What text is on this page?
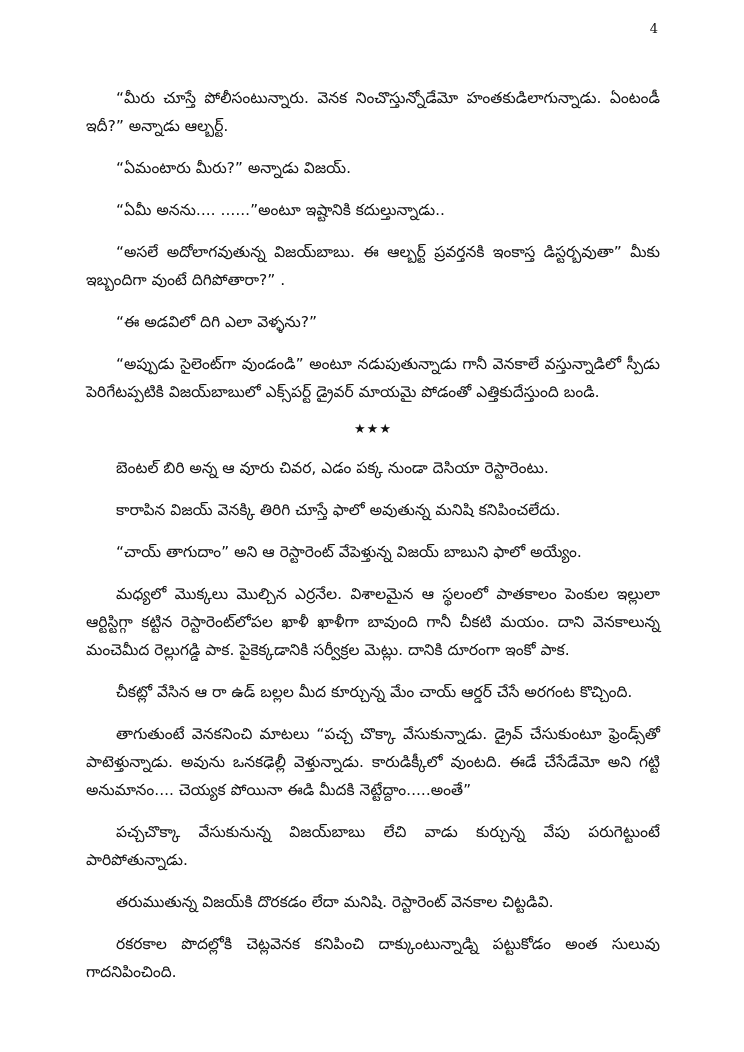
4

“మీరు చూస్తే పోలీసంటున్నారు. వెనక నించొస్తున్నోడేమో హంతకుడిలాగున్నాడు. ఏంటండీ ఇదీ?” అన్నాడు ఆల్బర్ట్.

“ఏమంటారు మీరు?” అన్నాడు విజయ్.

“ఏమీ అనను.... ......”అంటూ ఇష్టానికి కదుల్తున్నాడు..

“అసలే అదోలాగవుతున్న విజయ్‌బాబు. ఈ ఆల్బర్ట్ ప్రవర్తనకి ఇంకాస్త డిస్టర్బవుతా” మీకు ఇబ్బందిగా వుంటే దిగిపోతారా?” .

“ఈ అడవిలో దిగి ఎలా వెళ్ళను?”

“అప్పుడు సైలెంట్‌గా వుండండి” అంటూ నడుపుతున్నాడు గానీ వెనకాలే వస్తున్నాడిలో స్పీడు పెరిగేటప్పటికి విజయ్‌బాబులో ఎక్స్‌పర్ట్ డ్రైవర్ మాయమై పోడంతో ఎత్తికుదేస్తుంది బండి.

★★★

బెంటల్ బిరి అన్న ఆ వూరు చివర, ఎడం పక్క నుండా దెసియా రెస్టారెంటు.

కారాపిన విజయ్ వెనక్కి తిరిగి చూస్తే ఫాలో అవుతున్న మనిషి కనిపించలేదు.

“చాయ్ తాగుదాం” అని ఆ రెస్టారెంట్ వేపెళ్తున్న విజయ్ బాబుని ఫాలో అయ్యేం.

మధ్యలో మొక్కలు మొల్చిన ఎర్రనేల. విశాలమైన ఆ స్థలంలో పాతకాలం పెంకుల ఇల్లులా ఆర్టిస్టిగ్గా కట్టిన రెస్టారెంట్‌లోపల ఖాళీ ఖాళీగా బావుంది గానీ చీకటి మయం. దాని వెనకాలున్న మంచెమీద రెల్లుగడ్డి పాక. పైకెక్కడానికి సర్వీక్రల మెట్లు. దానికి దూరంగా ఇంకో పాక.

చీకట్లో వేసిన ఆ రా ఉడ్ బల్లల మీద కూర్చున్న మేం చాయ్ ఆర్డర్ చేసే అరగంట కొచ్చింది.

తాగుతుంటే వెనకనించి మాటలు “పచ్చ చొక్కా వేసుకున్నాడు. డ్రైవ్ చేసుకుంటూ ఫ్రెండ్స్‌తో పాటెళ్తున్నాడు. అవును ఒనకఢెల్లీ వెళ్తున్నాడు. కారుడిక్కీలో వుంటది. ఈడే చేసేడేమో అని గట్టి అనుమానం.... చెయ్యక పోయినా ఈడి మీదకి నెట్టేద్దాం.....అంతే”

పచ్చచొక్కా వేసుకునున్న విజయ్‌బాబు లేచి వాడు కుర్చున్న వేపు పరుగెట్టుంటే పారిపోతున్నాడు.

తరుముతున్న విజయ్‌కి దొరకడం లేదా మనిషి. రెస్టారెంట్ వెనకాల చిట్టడివి.

రకరకాల పొదల్లోకి చెట్లవెనక కనిపించి దాక్కుంటున్నాడ్ని పట్టుకోడం అంత సులువు గాదనిపించింది.
